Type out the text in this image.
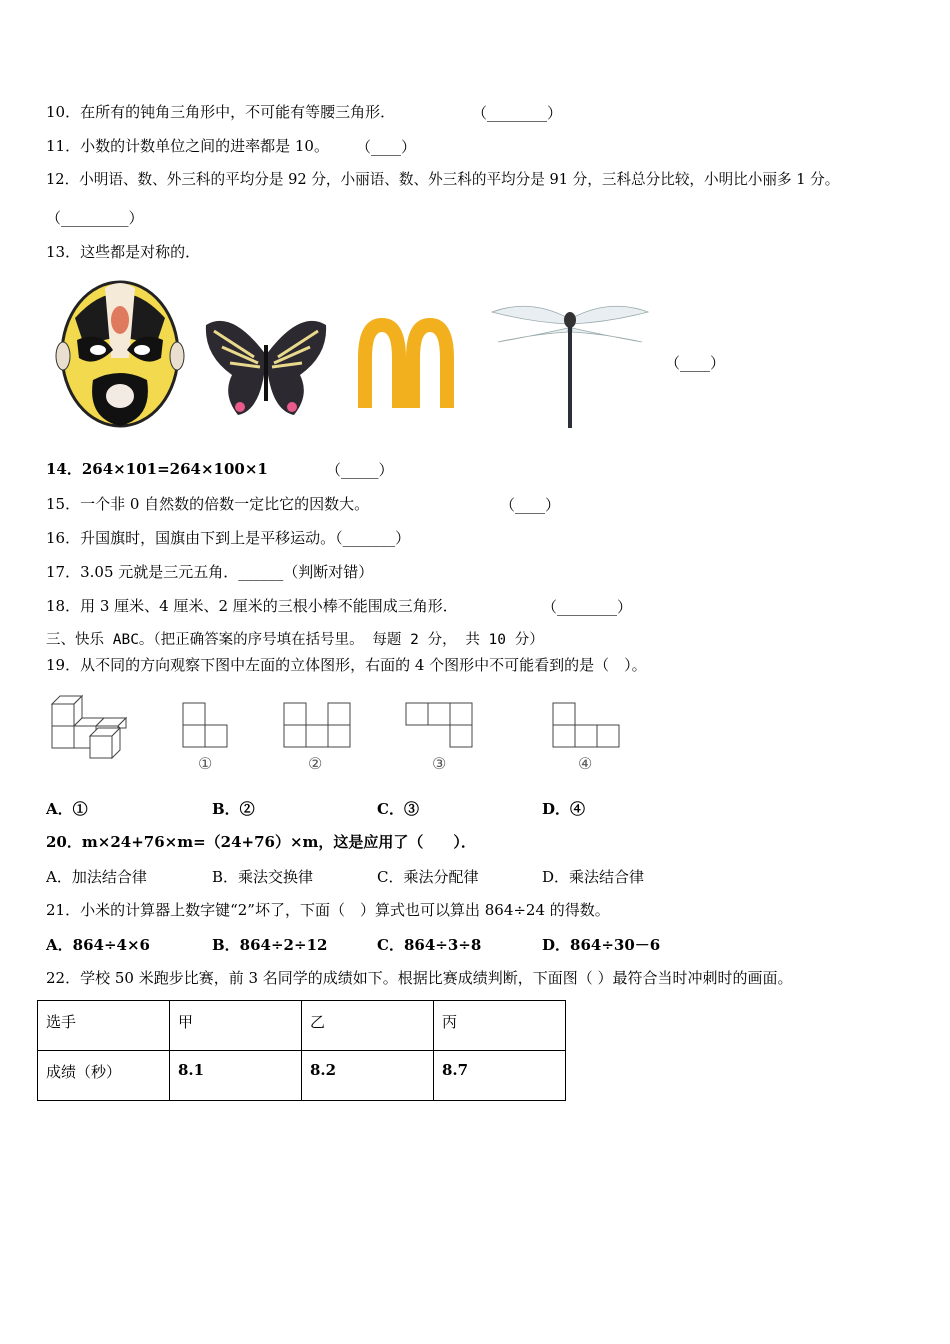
10．在所有的钝角三角形中，不可能有等腰三角形．	（________）
11．小数的计数单位之间的进率都是 10。 （____）
12．小明语、数、外三科的平均分是 92 分，小丽语、数、外三科的平均分是 91 分，三科总分比较，小明比小丽多 1 分。
（_________）
13．这些都是对称的．
（____）
14．264×101=264×100×1	（_____）
15．一个非 0 自然数的倍数一定比它的因数大。	（____）
16．升国旗时，国旗由下到上是平移运动。（_______）
17．3.05 元就是三元五角．______（判断对错）
18．用 3 厘米、4 厘米、2 厘米的三根小棒不能围成三角形．	（________）
三、快乐 ABC。（把正确答案的序号填在括号里。 每题 2 分， 共 10 分）
19．从不同的方向观察下图中左面的立体图形，右面的 4 个图形中不可能看到的是（　）。
①	②	③	④
A．①	B．②	C．③	D．④
20．m×24+76×m=（24+76）×m，这是应用了（　　）．
A．加法结合律	B．乘法交换律	C．乘法分配律	D．乘法结合律
21．小米的计算器上数字键“2”坏了，下面（　）算式也可以算出 864÷24 的得数。
A．864÷4×6	B．864÷2÷12	C．864÷3÷8	D．864÷30－6
22．学校 50 米跑步比赛，前 3 名同学的成绩如下。根据比赛成绩判断，下面图（ ）最符合当时冲刺时的画面。
选手	甲	乙	丙
成绩（秒）	8.1	8.2	8.7
